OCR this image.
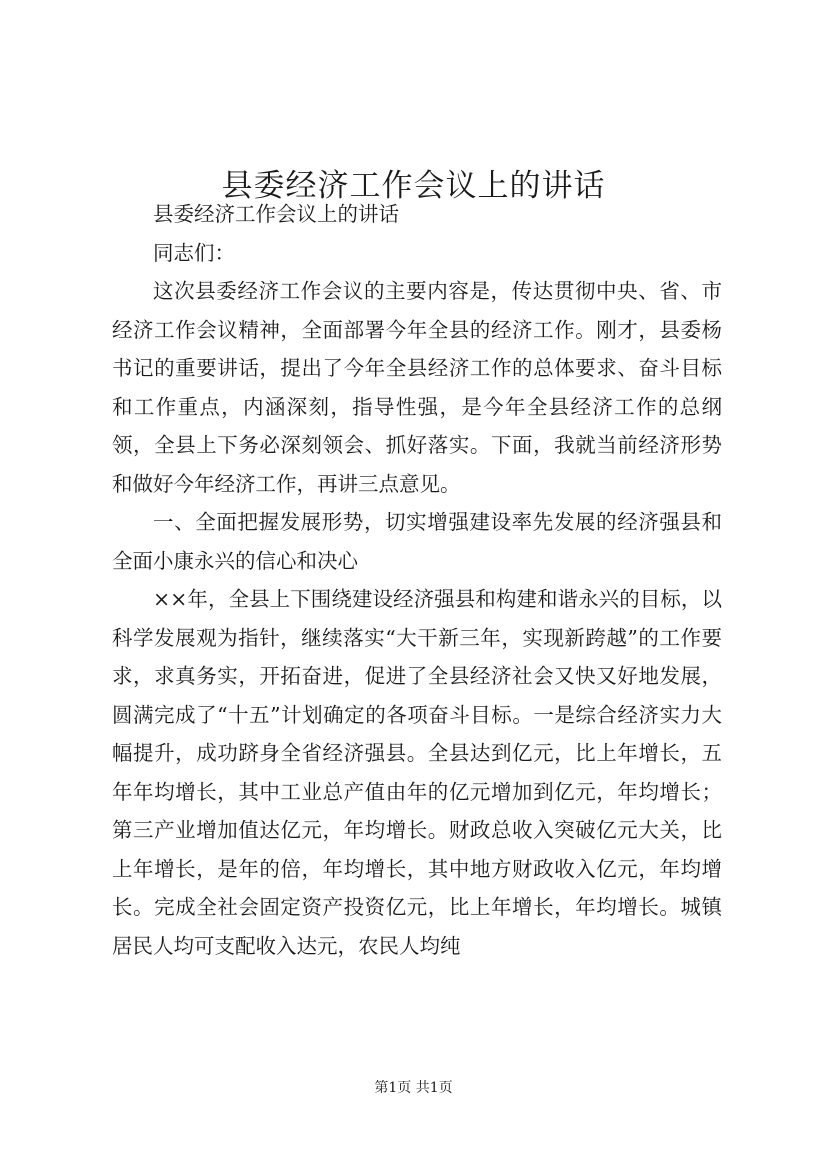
县委经济工作会议上的讲话

县委经济工作会议上的讲话

同志们：

这次县委经济工作会议的主要内容是，传达贯彻中央、省、市经济工作会议精神，全面部署今年全县的经济工作。刚才，县委杨书记的重要讲话，提出了今年全县经济工作的总体要求、奋斗目标和工作重点，内涵深刻，指导性强，是今年全县经济工作的总纲领，全县上下务必深刻领会、抓好落实。下面，我就当前经济形势和做好今年经济工作，再讲三点意见。

一、全面把握发展形势，切实增强建设率先发展的经济强县和全面小康永兴的信心和决心

××年，全县上下围绕建设经济强县和构建和谐永兴的目标，以科学发展观为指针，继续落实“大干新三年，实现新跨越”的工作要求，求真务实，开拓奋进，促进了全县经济社会又快又好地发展，圆满完成了“十五”计划确定的各项奋斗目标。一是综合经济实力大幅提升，成功跻身全省经济强县。全县达到亿元，比上年增长，五年年均增长，其中工业总产值由年的亿元增加到亿元，年均增长；第三产业增加值达亿元，年均增长。财政总收入突破亿元大关，比上年增长，是年的倍，年均增长，其中地方财政收入亿元，年均增长。完成全社会固定资产投资亿元，比上年增长，年均增长。城镇居民人均可支配收入达元，农民人均纯

第1页 共1页
